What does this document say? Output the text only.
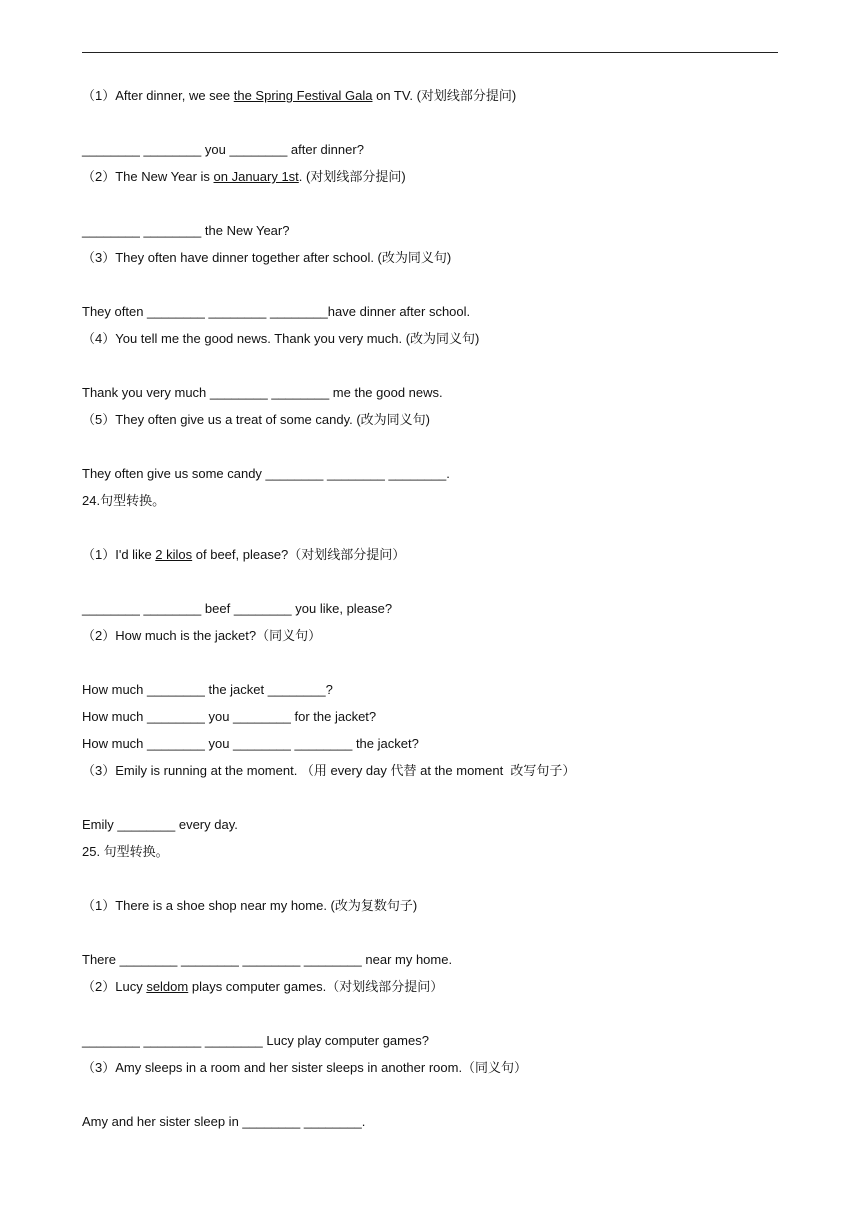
（1）After dinner, we see the Spring Festival Gala on TV. (对划线部分提问)
________ ________ you ________ after dinner?
（2）The New Year is on January 1st. (对划线部分提问)
________ ________ the New Year?
（3）They often have dinner together after school. (改为同义句)
They often ________ ________ ________have dinner after school.
（4）You tell me the good news. Thank you very much. (改为同义句)
Thank you very much ________ ________ me the good news.
（5）They often give us a treat of some candy. (改为同义句)
They often give us some candy ________ ________ ________.
24.句型转换。
（1）I'd like 2 kilos of beef, please?（对划线部分提问）
________ ________ beef ________ you like, please?
（2）How much is the jacket?（同义句）
How much ________ the jacket ________?
How much ________ you ________ for the jacket?
How much ________ you ________ ________ the jacket?
（3）Emily is running at the moment. （用 every day 代替 at the moment  改写句子）
Emily ________ every day.
25. 句型转换。
（1）There is a shoe shop near my home. (改为复数句子)
There ________ ________ ________ ________ near my home.
（2）Lucy seldom plays computer games.（对划线部分提问）
________ ________ ________ Lucy play computer games?
（3）Amy sleeps in a room and her sister sleeps in another room.（同义句）
Amy and her sister sleep in ________ ________.
